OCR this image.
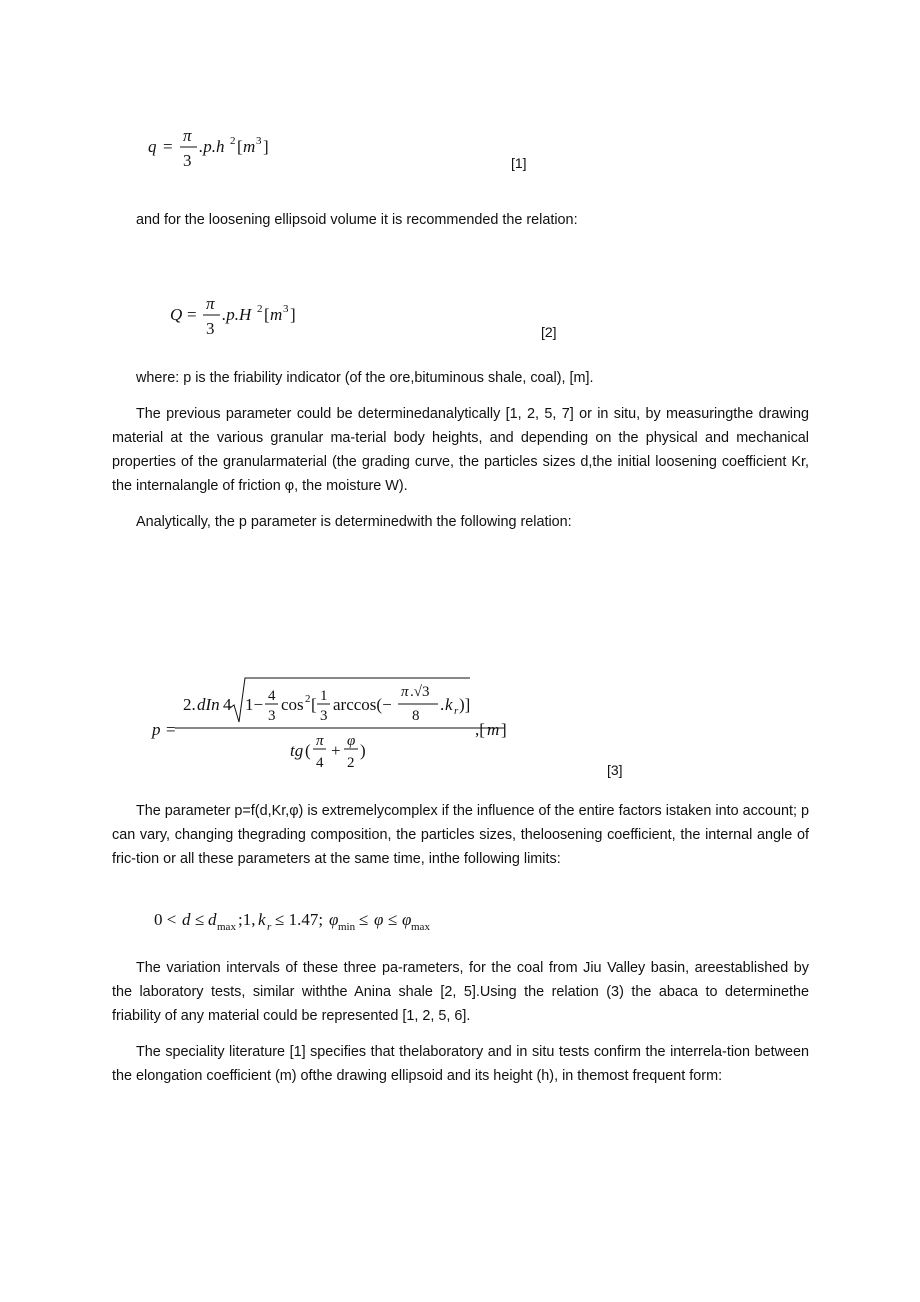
q =
π
3
.p.h 2 [ m 3 ]
[1]
and for the loosening ellipsoid volume it is recommended the relation:
Q =
π
3
.p.H 2 [ m 3 ]
[2]
where: p is the friability indicator (of the ore,bituminous shale, coal), [m].
The previous parameter could be determinedanalytically [1, 2, 5, 7] or in situ, by measuringthe drawing material at the various granular ma-terial body heights, and depending on the physical and mechanical properties of the granularmaterial (the grading curve, the particles sizes d,the initial loosening coefficient Kr, the internalangle of friction φ, the moisture W).
Analytically, the p parameter is determinedwith the following relation:
p =
2. dIn 4 1− 4
3
cos 2 [ 1
3
arccos(−
π .√3
8
. k r )]
tg ( π
4
+ φ
2
)
,[ m ]
[3]
The parameter p=f(d,Kr,φ) is extremelycomplex if the influence of the entire factors istaken into account; p can vary, changing thegrading composition, the particles sizes, theloosening coefficient, the internal angle of fric-tion or all these parameters at the same time, inthe following limits:
0 < d ≤ d max ;1, k r ≤ 1.47; φ min ≤ φ ≤ φ max
The variation intervals of these three pa-rameters, for the coal from Jiu Valley basin, areestablished by the laboratory tests, similar withthe Anina shale [2, 5].Using the relation (3) the abaca to determinethe friability of any material could be represented [1, 2, 5, 6].
The speciality literature [1] specifies that thelaboratory and in situ tests confirm the interrela-tion between the elongation coefficient (m) ofthe drawing ellipsoid and its height (h), in themost frequent form:
